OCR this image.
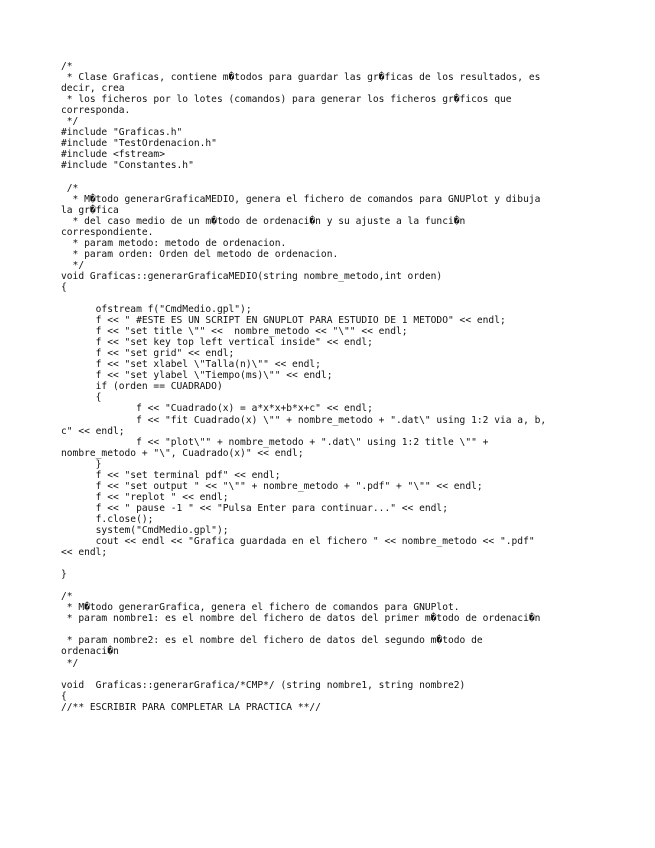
/*
* Clase Graficas, contiene m�todos para guardar las gr�ficas de los resultados, es
decir, crea
* los ficheros por lo lotes (comandos) para generar los ficheros gr�ficos que
corresponda.
*/
#include "Graficas.h"
#include "TestOrdenacion.h"
#include <fstream>
#include "Constantes.h"
/*
* M�todo generarGraficaMEDIO, genera el fichero de comandos para GNUPlot y dibuja
la gr�fica
* del caso medio de un m�todo de ordenaci�n y su ajuste a la funci�n
correspondiente.
* param metodo: metodo de ordenacion.
* param orden: Orden del metodo de ordenacion.
*/
void Graficas::generarGraficaMEDIO(string nombre_metodo,int orden)
{
ofstream f("CmdMedio.gpl");
f << " #ESTE ES UN SCRIPT EN GNUPLOT PARA ESTUDIO DE 1 METODO" << endl;
f << "set title \"" <<  nombre_metodo << "\"" << endl;
f << "set key top left vertical inside" << endl;
f << "set grid" << endl;
f << "set xlabel \"Talla(n)\"" << endl;
f << "set ylabel \"Tiempo(ms)\"" << endl;
if (orden == CUADRADO)
{
f << "Cuadrado(x) = a*x*x+b*x+c" << endl;
f << "fit Cuadrado(x) \"" + nombre_metodo + ".dat\" using 1:2 via a, b,
c" << endl;
f << "plot\"" + nombre_metodo + ".dat\" using 1:2 title \"" +
nombre_metodo + "\", Cuadrado(x)" << endl;
}
f << "set terminal pdf" << endl;
f << "set output " << "\"" + nombre_metodo + ".pdf" + "\"" << endl;
f << "replot " << endl;
f << " pause -1 " << "Pulsa Enter para continuar..." << endl;
f.close();
system("CmdMedio.gpl");
cout << endl << "Grafica guardada en el fichero " << nombre_metodo << ".pdf"
<< endl;
}
/*
* M�todo generarGrafica, genera el fichero de comandos para GNUPlot.
* param nombre1: es el nombre del fichero de datos del primer m�todo de ordenaci�n
* param nombre2: es el nombre del fichero de datos del segundo m�todo de
ordenaci�n
*/
void  Graficas::generarGrafica/*CMP*/ (string nombre1, string nombre2)
{
//** ESCRIBIR PARA COMPLETAR LA PRACTICA **//
